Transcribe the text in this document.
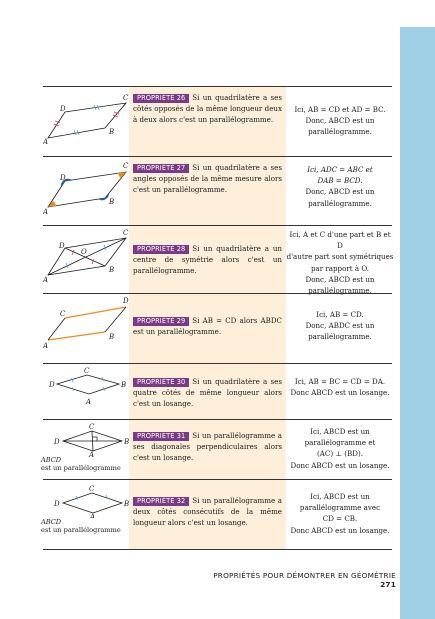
D
C
B
A
PROPRIÉTÉ 26 Si un quadrilatère a ses côtés opposés de la même longueur deux à deux alors c'est un parallélogramme.

Ici, AB = CD et AD = BC.

Donc, ABCD est un

parallélogramme.

D
C
B
A
PROPRIÉTÉ 27 Si un quadrilatère a ses angles opposés de la même mesure alors c'est un parallélogramme.

Ici, ADC = ABC et

DAB = BCD.

Donc, ABCD est un

parallélogramme.

D
C
O
B
A
PROPRIÉTÉ 28 Si un quadrilatère a un centre de symétrie alors c'est un parallélogramme.

Ici, A et C d'une part et B et D

d'autre part sont symétriques

par rapport à O.

Donc, ABCD est un

parallélogramme.

C
D
B
A
PROPRIÉTÉ 29 Si AB = CD alors ABDC est un parallélogramme.

Ici, AB = CD.

Donc, ABDC est un

parallélogramme.

D
C
B
A
PROPRIÉTÉ 30 Si un quadrilatère a ses quatre côtés de même longueur alors c'est un losange.

Ici, AB = BC = CD = DA.

Donc ABCD est un losange.

D
C
B
A
ABCD
est un parallélogramme
PROPRIÉTÉ 31 Si un parallélogramme a ses diagonales perpendiculaires alors c'est un losange.

Ici, ABCD est un

parallélogramme et

(AC) ⊥ (BD).

Donc ABCD est un losange.

D
C
B
A
ABCD
est un parallélogramme
PROPRIÉTÉ 32 Si un parallélogramme a deux côtés consécutifs de la même longueur alors c'est un losange.

Ici, ABCD est un

parallélogramme avec

CD = CB.

Donc ABCD est un losange.

PROPRIÉTÉS POUR DÉMONTRER EN GÉOMÉTRIE 271
